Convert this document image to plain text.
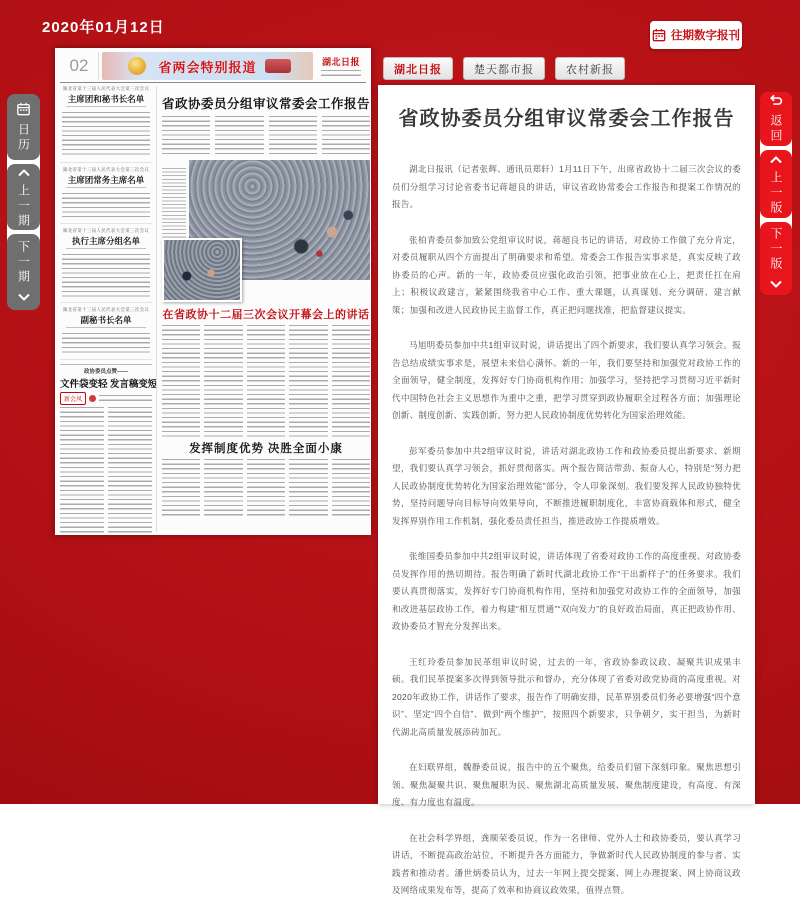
2020年01月12日	往期数字报刊
湖北日报	楚天都市报	农村新报
日历
上一期
下一期
返回
上一版
下一版
02	省两会特别报道	湖北日报
湖北省第十三届人民代表大会第三次会议
主席团和秘书长名单
湖北省第十三届人民代表大会第三次会议
主席团常务主席名单
湖北省第十三届人民代表大会第三次会议
执行主席分组名单
湖北省第十三届人民代表大会第三次会议
副秘书长名单
政协委员点赞——
文件袋变轻 发言稿变短
新会风
省政协委员分组审议常委会工作报告
在省政协十二届三次会议开幕会上的讲话
发挥制度优势 决胜全面小康
省政协委员分组审议常委会工作报告

湖北日报讯（记者张辉、通讯员郑轩）1月11日下午，出席省政协十二届三次会议的委员们分组学习讨论省委书记蒋超良的讲话，审议省政协常委会工作报告和提案工作情况的报告。

张柏青委员参加致公党组审议时说，蒋超良书记的讲话，对政协工作做了充分肯定，对委员履职从四个方面提出了明确要求和希望。常委会工作报告实事求是，真实反映了政协委员的心声。新的一年，政协委员应强化政治引领，把事业放在心上，把责任扛在肩上；积极议政建言，紧紧围绕我省中心工作、重大课题，认真谋划、充分调研、建言献策；加强和改进人民政协民主监督工作，真正把问题找准，把监督建议提实。

马旭明委员参加中共1组审议时说，讲话提出了四个新要求，我们要认真学习领会。报告总结成绩实事求是，展望未来信心满怀。新的一年，我们要坚持和加强党对政协工作的全面领导，健全制度，发挥好专门协商机构作用；加强学习，坚持把学习贯彻习近平新时代中国特色社会主义思想作为重中之重，把学习贯穿到政协履职全过程各方面；加强理论创新、制度创新、实践创新，努力把人民政协制度优势转化为国家治理效能。

彭军委员参加中共2组审议时说，讲话对湖北政协工作和政协委员提出新要求、新期望，我们要认真学习领会，抓好贯彻落实。两个报告简洁带劲、振奋人心，特别是“努力把人民政协制度优势转化为国家治理效能”部分，令人印象深刻。我们要发挥人民政协独特优势，坚持问题导向目标导向效果导向，不断推进履职制度化，丰富协商载体和形式，健全发挥界别作用工作机制，强化委员责任担当，推进政协工作提质增效。

张维国委员参加中共2组审议时说，讲话体现了省委对政协工作的高度重视、对政协委员发挥作用的热切期待。报告明确了新时代湖北政协工作“干出新样子”的任务要求。我们要认真贯彻落实，发挥好专门协商机构作用，坚持和加强党对政协工作的全面领导，加强和改进基层政协工作，着力构建“相互贯通”“双向发力”的良好政治局面，真正把政协作用、政协委员才智充分发挥出来。

王红玲委员参加民革组审议时说，过去的一年，省政协参政议政、凝聚共识成果丰硕。我们民革提案多次得到领导批示和督办，充分体现了省委对政党协商的高度重视。对2020年政协工作，讲话作了要求，报告作了明确安排，民革界别委员们务必要增强“四个意识”、坚定“四个自信”、做到“两个维护”，按照四个新要求，只争朝夕，实干担当，为新时代湖北高质量发展添砖加瓦。

在妇联界组，魏静委员说，报告中的五个聚焦，给委员们留下深刻印象。聚焦思想引领、聚焦凝聚共识、聚焦履职为民、聚焦湖北高质量发展、聚焦制度建设，有高度、有深度、有力度也有温度。

在社会科学界组，龚顺荣委员说，作为一名律师、党外人士和政协委员，要认真学习讲话，不断提高政治站位，不断提升各方面能力，争做新时代人民政协制度的参与者、实践者和推动者。潘世炳委员认为，过去一年网上提交提案、网上办理提案、网上协商议政及网络成果发布等，提高了效率和协商议政效果，值得点赞。
